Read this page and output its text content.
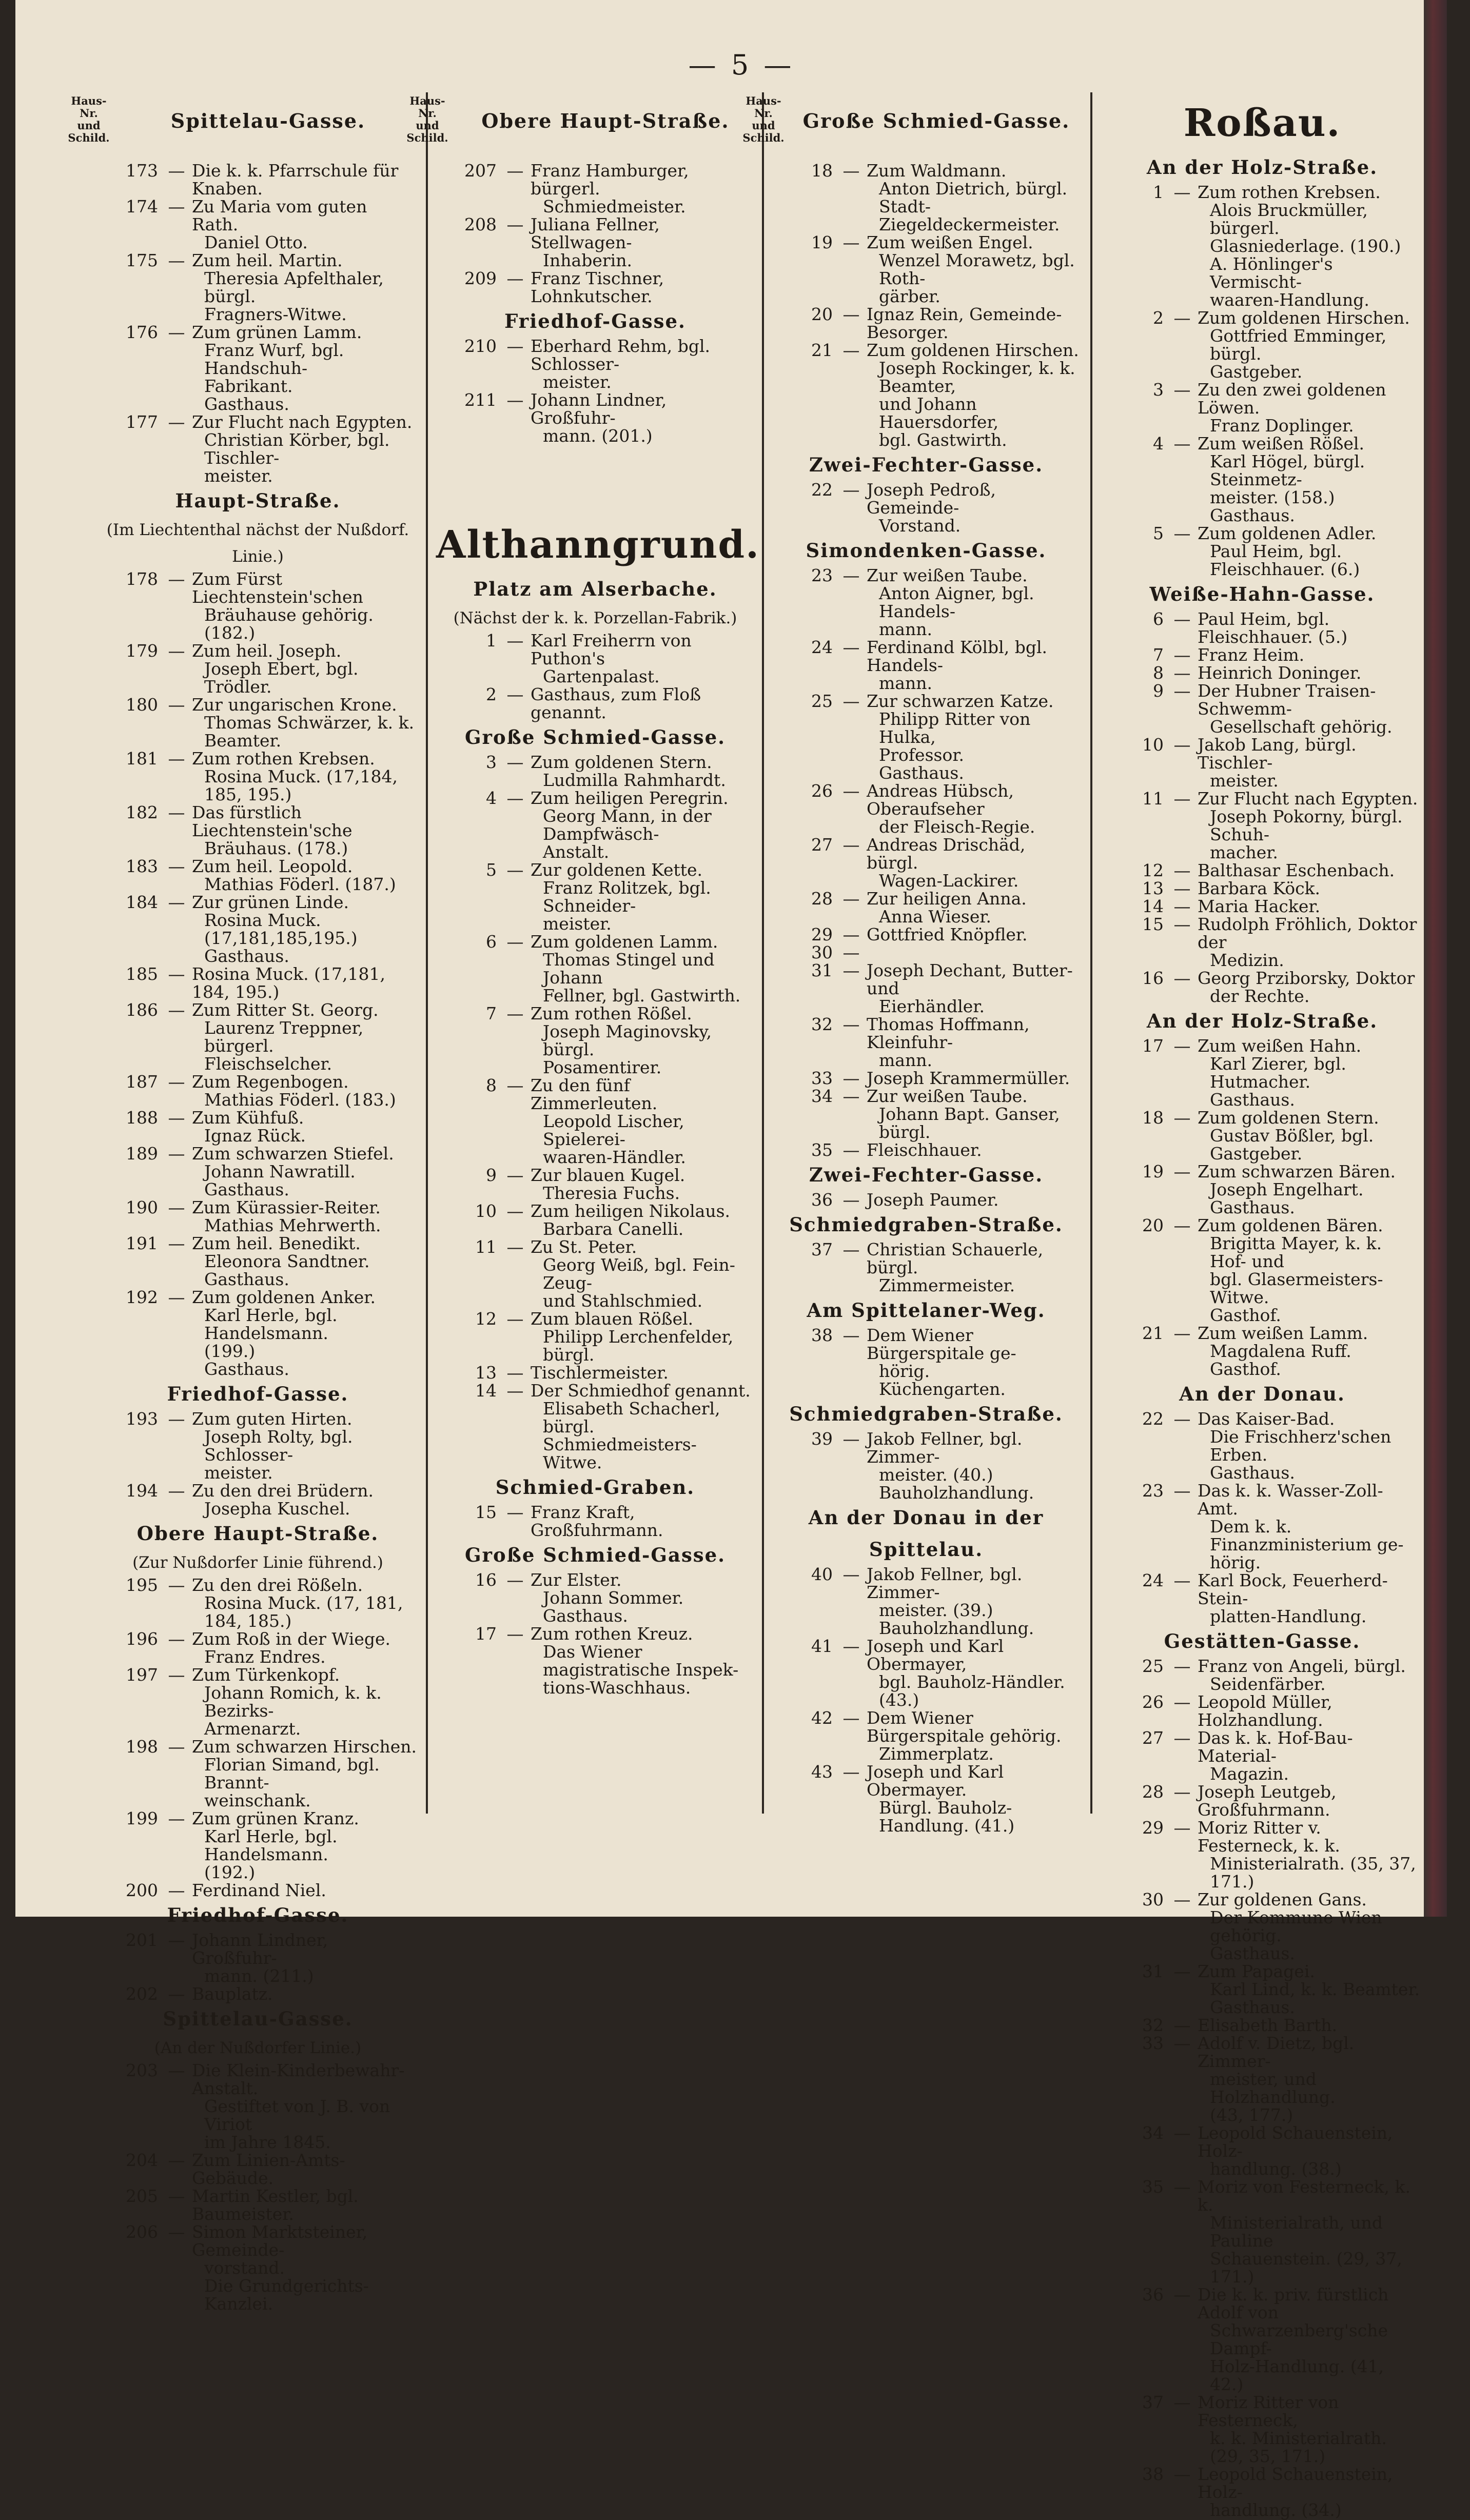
— 5 —
Haus-Nr.
und
Schild.
Spittelau-Gasse.
173 — Die k. k. Pfarrschule für Knaben.
174 — Zu Maria vom guten Rath.
Daniel Otto.
175 — Zum heil. Martin.
Theresia Apfelthaler, bürgl.
Fragners-Witwe.
176 — Zum grünen Lamm.
Franz Wurf, bgl. Handschuh-
Fabrikant.
Gasthaus.
177 — Zur Flucht nach Egypten.
Christian Körber, bgl. Tischler-
meister.
Haupt-Straße.
(Im Liechtenthal nächst der Nußdorf. Linie.)
178 — Zum Fürst Liechtenstein'schen
Bräuhause gehörig. (182.)
179 — Zum heil. Joseph.
Joseph Ebert, bgl. Trödler.
180 — Zur ungarischen Krone.
Thomas Schwärzer, k. k.
Beamter.
181 — Zum rothen Krebsen.
Rosina Muck. (17,184, 185, 195.)
182 — Das fürstlich Liechtenstein'sche
Bräuhaus. (178.)
183 — Zum heil. Leopold.
Mathias Föderl. (187.)
184 — Zur grünen Linde.
Rosina Muck. (17,181,185,195.)
Gasthaus.
185 — Rosina Muck. (17,181, 184, 195.)
186 — Zum Ritter St. Georg.
Laurenz Treppner, bürgerl.
Fleischselcher.
187 — Zum Regenbogen.
Mathias Föderl. (183.)
188 — Zum Kühfuß.
Ignaz Rück.
189 — Zum schwarzen Stiefel.
Johann Nawratill.
Gasthaus.
190 — Zum Kürassier-Reiter.
Mathias Mehrwerth.
191 — Zum heil. Benedikt.
Eleonora Sandtner.
Gasthaus.
192 — Zum goldenen Anker.
Karl Herle, bgl. Handelsmann.
(199.)
Gasthaus.
Friedhof-Gasse.
193 — Zum guten Hirten.
Joseph Rolty, bgl. Schlosser-
meister.
194 — Zu den drei Brüdern.
Josepha Kuschel.
Obere Haupt-Straße.
(Zur Nußdorfer Linie führend.)
195 — Zu den drei Rößeln.
Rosina Muck. (17, 181, 184, 185.)
196 — Zum Roß in der Wiege.
Franz Endres.
197 — Zum Türkenkopf.
Johann Romich, k. k. Bezirks-
Armenarzt.
198 — Zum schwarzen Hirschen.
Florian Simand, bgl. Brannt-
weinschank.
199 — Zum grünen Kranz.
Karl Herle, bgl. Handelsmann.
(192.)
200 — Ferdinand Niel.
Friedhof-Gasse.
201 — Johann Lindner, Großfuhr-
mann. (211.)
202 — Bauplatz.
Spittelau-Gasse.
(An der Nußdorfer Linie.)
203 — Die Klein-Kinderbewahr-Anstalt.
Gestiftet von J. B. von Viriot
im Jahre 1845.
204 — Zum Linien-Amts-Gebäude.
205 — Martin Kestler, bgl. Baumeister.
206 — Simon Marktsteiner, Gemeinde-
vorstand.
Die Grundgerichts-Kanzlei.
Haus-Nr.
und
Schild.
Obere Haupt-Straße.
207 — Franz Hamburger, bürgerl.
Schmiedmeister.
208 — Juliana Fellner, Stellwagen-
Inhaberin.
209 — Franz Tischner, Lohnkutscher.
Friedhof-Gasse.
210 — Eberhard Rehm, bgl. Schlosser-
meister.
211 — Johann Lindner, Großfuhr-
mann. (201.)
Althanngrund.
Platz am Alserbache.
(Nächst der k. k. Porzellan-Fabrik.)
1 — Karl Freiherrn von Puthon's
Gartenpalast.
2 — Gasthaus, zum Floß genannt.
Große Schmied-Gasse.
3 — Zum goldenen Stern.
Ludmilla Rahmhardt.
4 — Zum heiligen Peregrin.
Georg Mann, in der Dampfwäsch-
Anstalt.
5 — Zur goldenen Kette.
Franz Rolitzek, bgl. Schneider-
meister.
6 — Zum goldenen Lamm.
Thomas Stingel und Johann
Fellner, bgl. Gastwirth.
7 — Zum rothen Rößel.
Joseph Maginovsky, bürgl.
Posamentirer.
8 — Zu den fünf Zimmerleuten.
Leopold Lischer, Spielerei-
waaren-Händler.
9 — Zur blauen Kugel.
Theresia Fuchs.
10 — Zum heiligen Nikolaus.
Barbara Canelli.
11 — Zu St. Peter.
Georg Weiß, bgl. Fein-Zeug-
und Stahlschmied.
12 — Zum blauen Rößel.
Philipp Lerchenfelder, bürgl.
13 — Tischlermeister.
14 — Der Schmiedhof genannt.
Elisabeth Schacherl, bürgl.
Schmiedmeisters-Witwe.
Schmied-Graben.
15 — Franz Kraft, Großfuhrmann.
Große Schmied-Gasse.
16 — Zur Elster.
Johann Sommer.
Gasthaus.
17 — Zum rothen Kreuz.
Das Wiener magistratische Inspek-
tions-Waschhaus.
Haus-Nr.
und
Schild.
Große Schmied-Gasse.
18 — Zum Waldmann.
Anton Dietrich, bürgl. Stadt-
Ziegeldeckermeister.
19 — Zum weißen Engel.
Wenzel Morawetz, bgl. Roth-
gärber.
20 — Ignaz Rein, Gemeinde-Besorger.
21 — Zum goldenen Hirschen.
Joseph Rockinger, k. k. Beamter,
und Johann Hauersdorfer,
bgl. Gastwirth.
Zwei-Fechter-Gasse.
22 — Joseph Pedroß, Gemeinde-
Vorstand.
Simondenken-Gasse.
23 — Zur weißen Taube.
Anton Aigner, bgl. Handels-
mann.
24 — Ferdinand Kölbl, bgl. Handels-
mann.
25 — Zur schwarzen Katze.
Philipp Ritter von Hulka,
Professor.
Gasthaus.
26 — Andreas Hübsch, Oberaufseher
der Fleisch-Regie.
27 — Andreas Drischäd, bürgl.
Wagen-Lackirer.
28 — Zur heiligen Anna.
Anna Wieser.
29 — Gottfried Knöpfler.
30 —

31 — Joseph Dechant, Butter- und
Eierhändler.
32 — Thomas Hoffmann, Kleinfuhr-
mann.
33 — Joseph Krammermüller.
34 — Zur weißen Taube.
Johann Bapt. Ganser, bürgl.
35 — Fleischhauer.
Zwei-Fechter-Gasse.
36 — Joseph Paumer.
Schmiedgraben-Straße.
37 — Christian Schauerle, bürgl.
Zimmermeister.
Am Spittelaner-Weg.
38 — Dem Wiener Bürgerspitale ge-
hörig.
Küchengarten.
Schmiedgraben-Straße.
39 — Jakob Fellner, bgl. Zimmer-
meister. (40.)
Bauholzhandlung.
An der Donau in der Spittelau.
40 — Jakob Fellner, bgl. Zimmer-
meister. (39.)
Bauholzhandlung.
41 — Joseph und Karl Obermayer,
bgl. Bauholz-Händler. (43.)
42 — Dem Wiener Bürgerspitale gehörig.
Zimmerplatz.
43 — Joseph und Karl Obermayer.
Bürgl. Bauholz-Handlung. (41.)
Roßau.
An der Holz-Straße.
1 — Zum rothen Krebsen.
Alois Bruckmüller, bürgerl.
Glasniederlage. (190.)
A. Hönlinger's Vermischt-
waaren-Handlung.
2 — Zum goldenen Hirschen.
Gottfried Emminger, bürgl.
Gastgeber.
3 — Zu den zwei goldenen Löwen.
Franz Doplinger.
4 — Zum weißen Rößel.
Karl Högel, bürgl. Steinmetz-
meister. (158.)
Gasthaus.
5 — Zum goldenen Adler.
Paul Heim, bgl. Fleischhauer. (6.)
Weiße-Hahn-Gasse.
6 — Paul Heim, bgl. Fleischhauer. (5.)
7 — Franz Heim.
8 — Heinrich Doninger.
9 — Der Hubner Traisen-Schwemm-
Gesellschaft gehörig.
10 — Jakob Lang, bürgl. Tischler-
meister.
11 — Zur Flucht nach Egypten.
Joseph Pokorny, bürgl. Schuh-
macher.
12 — Balthasar Eschenbach.
13 — Barbara Köck.
14 — Maria Hacker.
15 — Rudolph Fröhlich, Doktor der
Medizin.
16 — Georg Prziborsky, Doktor
der Rechte.
An der Holz-Straße.
17 — Zum weißen Hahn.
Karl Zierer, bgl. Hutmacher.
Gasthaus.
18 — Zum goldenen Stern.
Gustav Bößler, bgl. Gastgeber.
19 — Zum schwarzen Bären.
Joseph Engelhart.
Gasthaus.
20 — Zum goldenen Bären.
Brigitta Mayer, k. k. Hof- und
bgl. Glasermeisters-Witwe.
Gasthof.
21 — Zum weißen Lamm.
Magdalena Ruff.
Gasthof.
An der Donau.
22 — Das Kaiser-Bad.
Die Frischherz'schen Erben.
Gasthaus.
23 — Das k. k. Wasser-Zoll-Amt.
Dem k. k. Finanzministerium ge-
hörig.
24 — Karl Bock, Feuerherd-Stein-
platten-Handlung.
Gestätten-Gasse.
25 — Franz von Angeli, bürgl.
Seidenfärber.
26 — Leopold Müller, Holzhandlung.
27 — Das k. k. Hof-Bau-Material-
Magazin.
28 — Joseph Leutgeb, Großfuhrmann.
29 — Moriz Ritter v. Festerneck, k. k.
Ministerialrath. (35, 37, 171.)
30 — Zur goldenen Gans.
Der Kommune Wien gehörig.
Gasthaus.
31 — Zum Papagei.
Karl Lind, k. k. Beamter.
Gasthaus.
32 — Elisabeth Barth.
33 — Adolf v. Dietz, bgl. Zimmer-
meister, und Holzhandlung.
(43, 177.)
34 — Leopold Schauenstein, Holz-
handlung. (38.)
35 — Moriz von Festerneck, k. k.
Ministerialrath, und Pauline
Schauenstein. (29, 37, 171.)
36 — Die k. k. priv. fürstlich Adolf von
Schwarzenberg'sche Dampf-
Holz-Handlung. (41, 42.)
37 — Moriz Ritter von Festerneck,
k. k. Ministerialrath. (29, 35, 171.)
38 — Leopold Schauenstein, Holz-
handlung. (34.)
